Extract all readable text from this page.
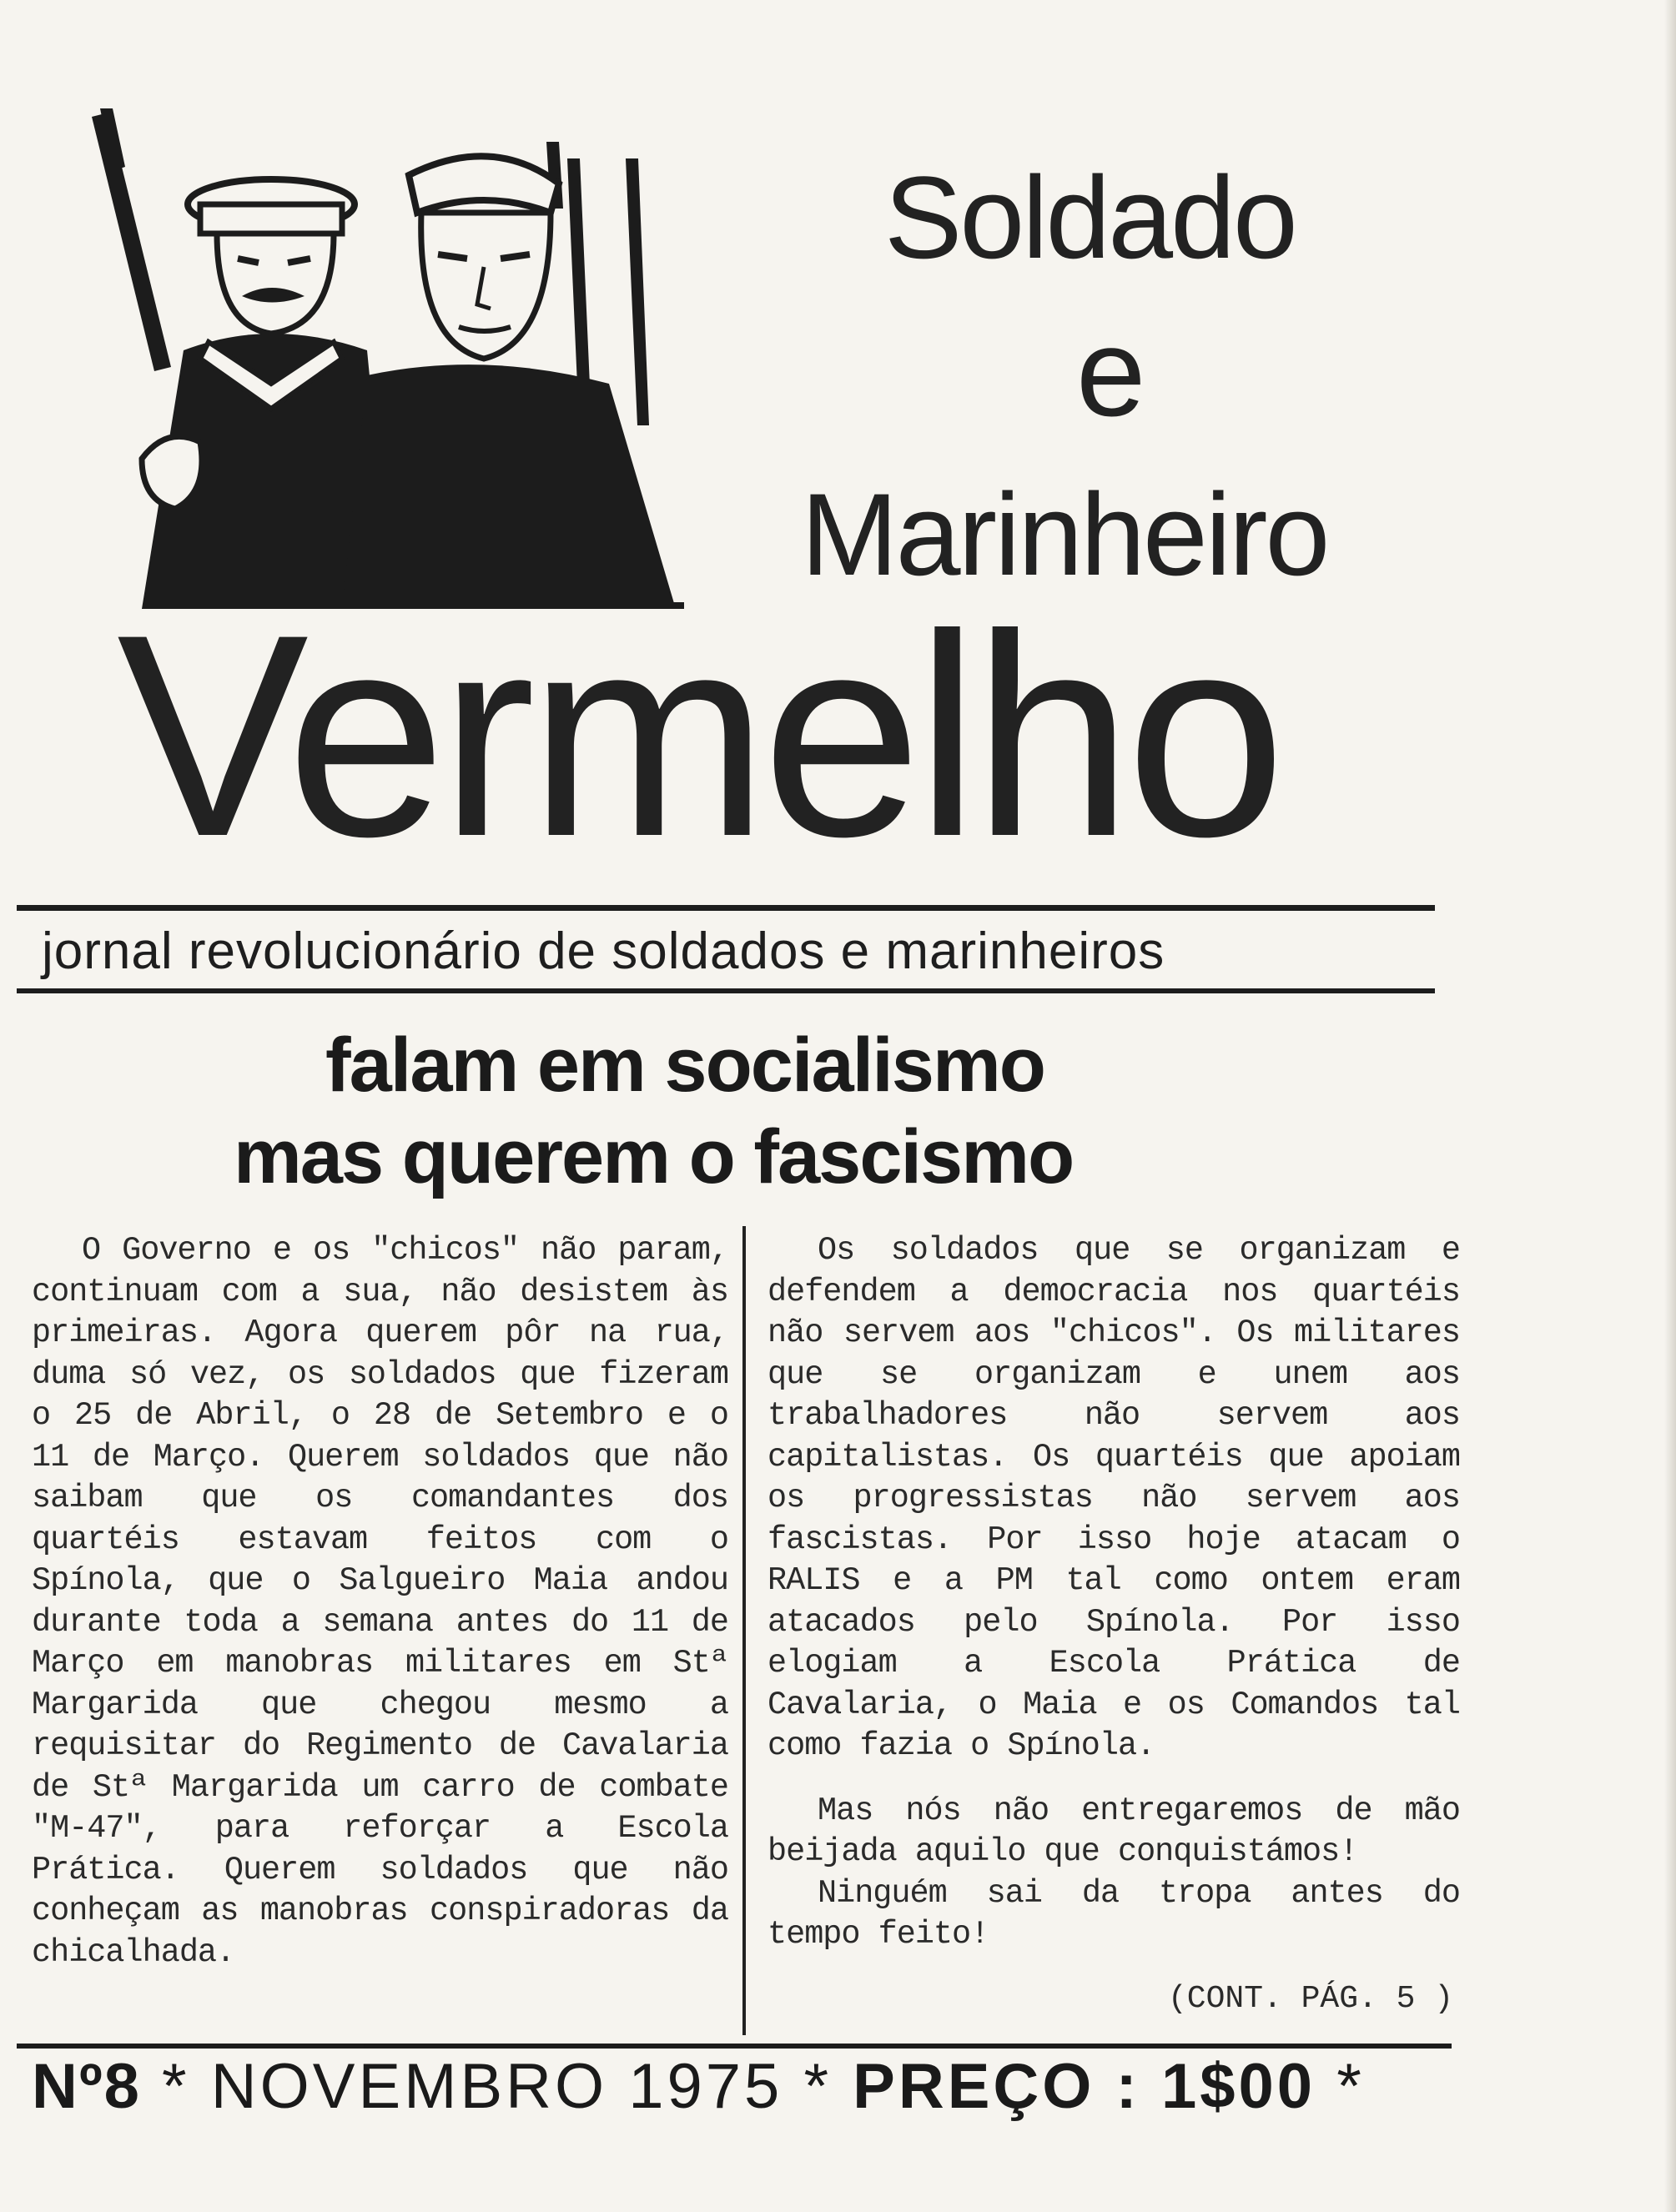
Soldado
e
Marinheiro
Vermelho
jornal revolucionário de soldados e marinheiros
falam em socialismo
mas querem o fascismo

O Governo e os "chicos" não param, continuam com a sua, não desistem às primeiras. Agora querem pôr na rua, duma só vez, os soldados que fizeram o 25 de Abril, o 28 de Setembro e o 11 de Março. Querem soldados que não saibam que os comandantes dos quartéis estavam feitos com o Spínola, que o Salgueiro Maia andou durante toda a semana antes do 11 de Março em manobras militares em Stª Margarida que chegou mesmo a requisitar do Regimento de Cavalaria de Stª Margarida um carro de combate "M-47", para reforçar a Escola Prática. Querem soldados que não conheçam as manobras conspiradoras da chicalhada.

Os soldados que se organizam e defendem a democracia nos quartéis não servem aos "chicos". Os militares que se organizam e unem aos trabalhadores não servem aos capitalistas. Os quartéis que apoiam os progressistas não servem aos fascistas. Por isso hoje atacam o RALIS e a PM tal como ontem eram atacados pelo Spínola. Por isso elogiam a Escola Prática de Cavalaria, o Maia e os Comandos tal como fazia o Spínola.

Mas nós não entregaremos de mão beijada aquilo que conquistámos!

Ninguém sai da tropa antes do tempo feito!

(CONT. PÁG. 5 )
Nº8 * NOVEMBRO 1975 * PREÇO : 1$00 *
